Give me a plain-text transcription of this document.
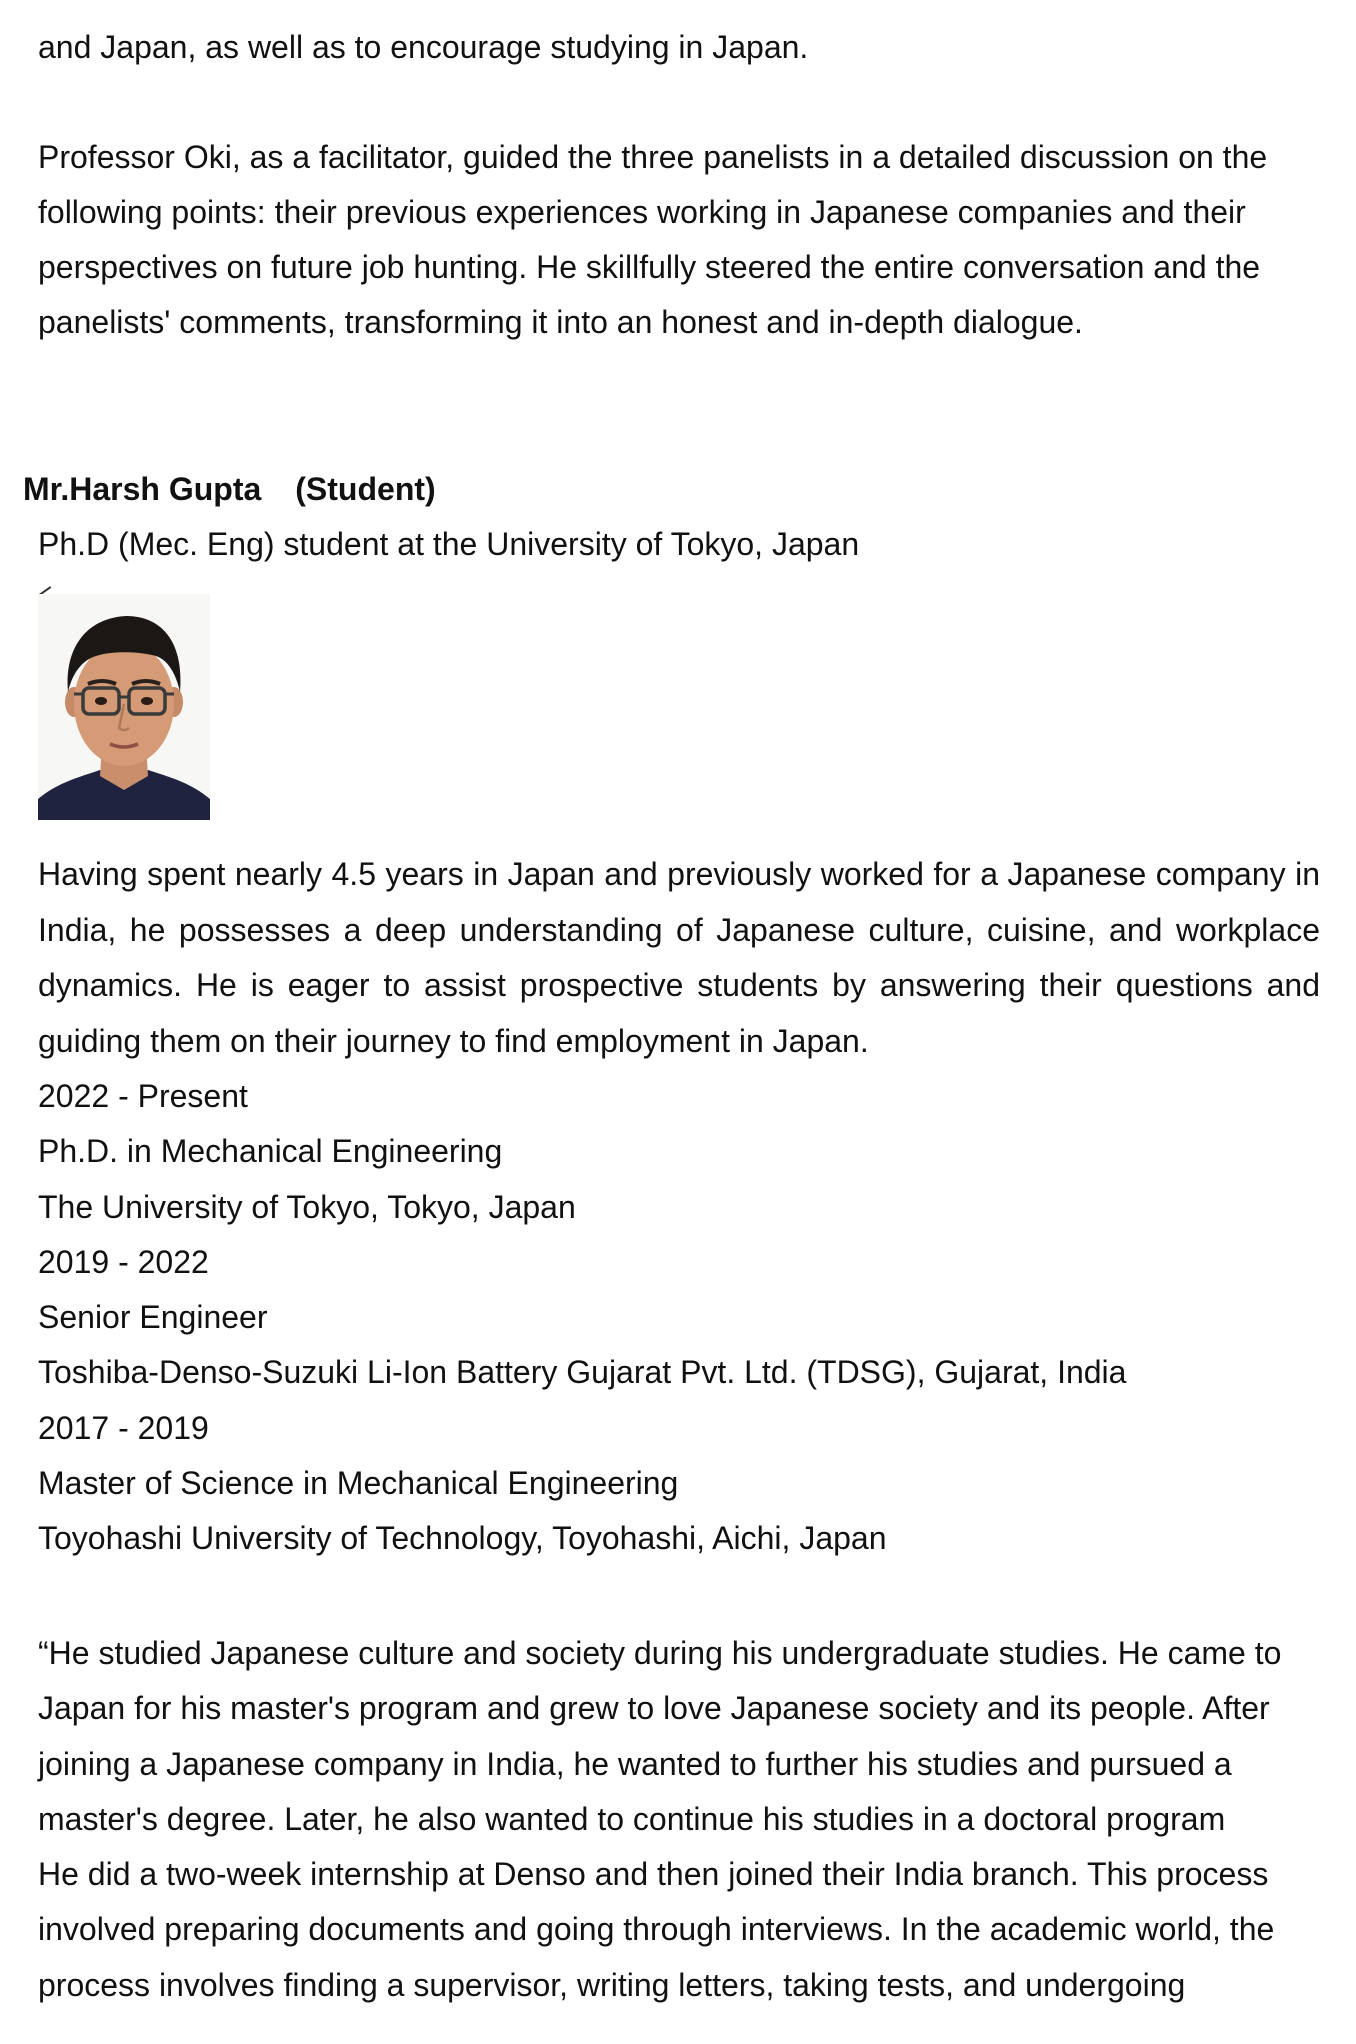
and Japan, as well as to encourage studying in Japan.

Professor Oki, as a facilitator, guided the three panelists in a detailed discussion on the following points: their previous experiences working in Japanese companies and their perspectives on future job hunting. He skillfully steered the entire conversation and the panelists' comments, transforming it into an honest and in-depth dialogue.

Mr.Harsh Gupta (Student)
Ph.D (Mec. Eng) student at the University of Tokyo, Japan

Having spent nearly 4.5 years in Japan and previously worked for a Japanese company in India, he possesses a deep understanding of Japanese culture, cuisine, and workplace dynamics. He is eager to assist prospective students by answering their questions and guiding them on their journey to find employment in Japan.

2022 - Present
Ph.D. in Mechanical Engineering
The University of Tokyo, Tokyo, Japan
2019 - 2022
Senior Engineer
Toshiba-Denso-Suzuki Li-Ion Battery Gujarat Pvt. Ltd. (TDSG), Gujarat, India
2017 - 2019
Master of Science in Mechanical Engineering
Toyohashi University of Technology, Toyohashi, Aichi, Japan
“He studied Japanese culture and society during his undergraduate studies. He came to
Japan for his master's program and grew to love Japanese society and its people. After
joining a Japanese company in India, he wanted to further his studies and pursued a
master's degree. Later, he also wanted to continue his studies in a doctoral program
He did a two-week internship at Denso and then joined their India branch. This process
involved preparing documents and going through interviews. In the academic world, the
process involves finding a supervisor, writing letters, taking tests, and undergoing
